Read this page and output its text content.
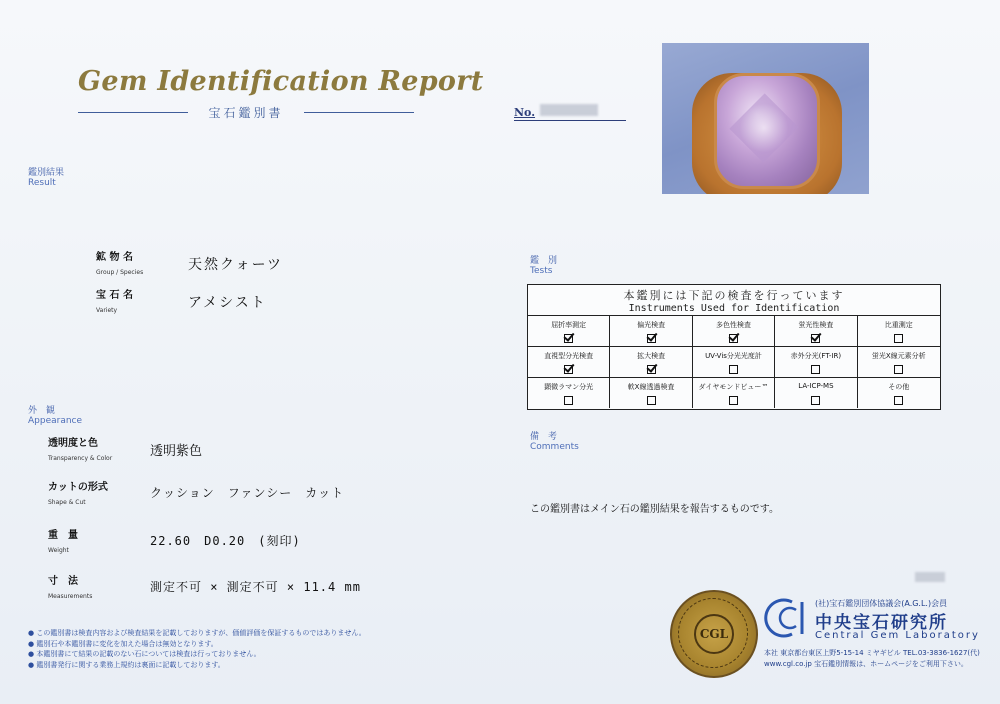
Gem Identification Report
宝石鑑別書	No.
鑑別結果
Result
鉱 物 名
Group / Species	天然クォーツ
宝 石 名
Variety	アメシスト
外　観
Appearance
透明度と色
Transparency & Color	透明紫色
カットの形式
Shape & Cut
クッション　ファンシー　カット
重　量
Weight
22.60　D0.20　(刻印)
寸　法
Measurements
測定不可 × 測定不可 × 11.4 mm
鑑　別
Tests
本鑑別には下記の検査を行っています
Instruments Used for Identification
屈折率測定	偏光検査	多色性検査	蛍光性検査	比重測定
直視型分光検査	拡大検査	UV-Vis分光光度計	赤外分光(FT-IR)	蛍光X線元素分析
顕微ラマン分光	軟X線透過検査	ダイヤモンドビュー™	LA-ICP-MS	その他
備　考
Comments
この鑑別書はメイン石の鑑別結果を報告するものです。
● この鑑別書は検査内容および検査結果を記載しておりますが、価値評価を保証するものではありません。
● 鑑別石や本鑑別書に変化を加えた場合は無効となります。
● 本鑑別書にて結果の記載のない石については検査は行っておりません。
● 鑑別書発行に関する業務上規約は裏面に記載しております。
CGL
(社)宝石鑑別団体協議会(A.G.L.)会員
中央宝石研究所
Central Gem Laboratory
本社 東京都台東区上野5-15-14 ミヤギビル TEL.03-3836-1627(代)
www.cgl.co.jp 宝石鑑別情報は、ホームページをご利用下さい。
